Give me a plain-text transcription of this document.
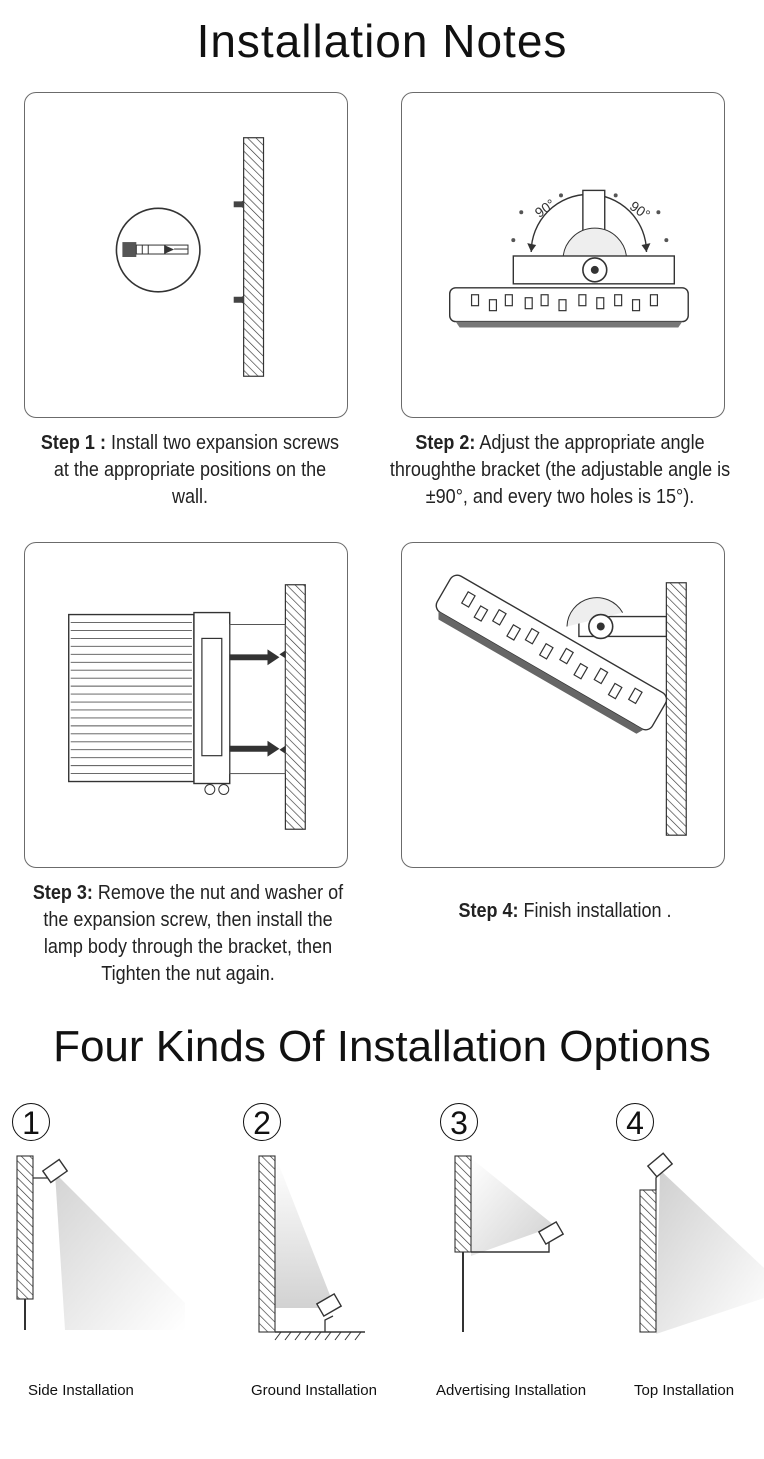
Installation Notes
90°	90°
Step 1 : Install two expansion screws at the appropriate positions on the wall.
Step 2: Adjust the appropriate angle throughthe bracket (the adjustable angle is ±90°, and every two holes is 15°).
Step 3: Remove the nut and washer of the expansion screw, then install the lamp body through the bracket, then Tighten the nut again.
Step 4: Finish installation .
Four Kinds Of Installation Options
1	2	3	4
Side Installation	Ground Installation	Advertising Installation	Top Installation
